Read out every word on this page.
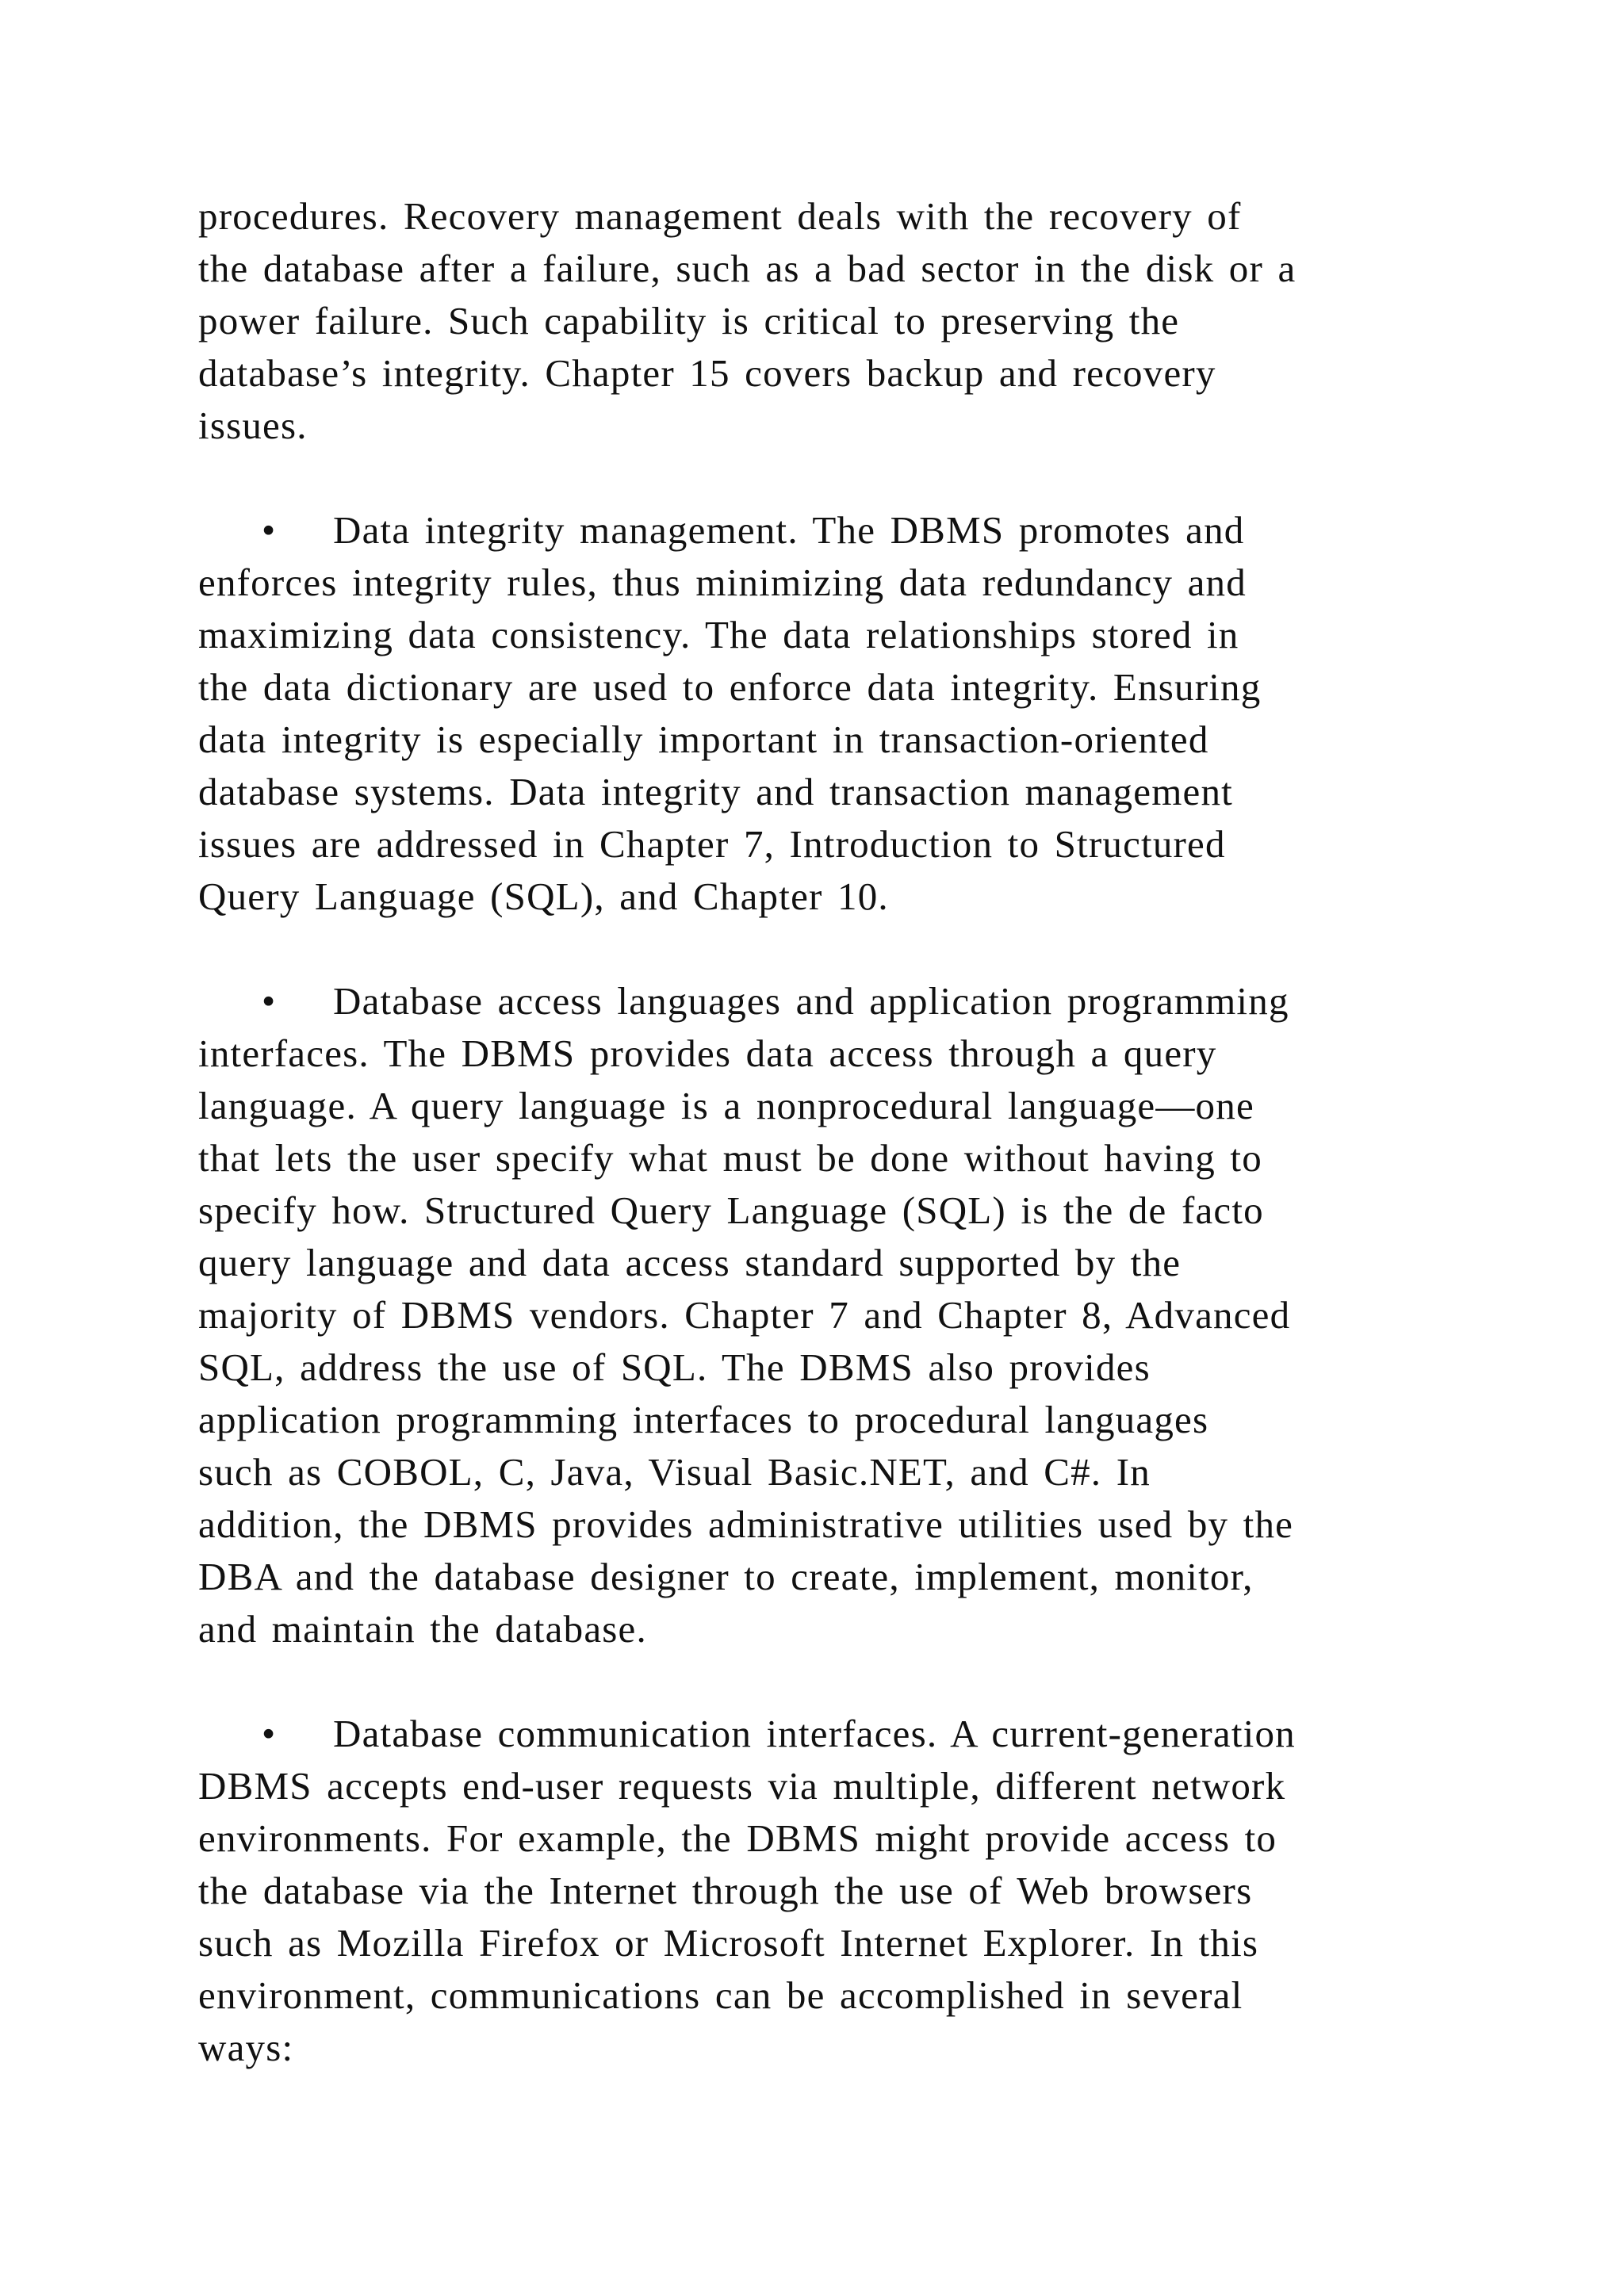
procedures. Recovery management deals with the recovery of
the database after a failure, such as a bad sector in the disk or a
power failure. Such capability is critical to preserving the
database’s integrity. Chapter 15 covers backup and recovery
issues.
• Data integrity management. The DBMS promotes and
enforces integrity rules, thus minimizing data redundancy and
maximizing data consistency. The data relationships stored in
the data dictionary are used to enforce data integrity. Ensuring
data integrity is especially important in transaction-oriented
database systems. Data integrity and transaction management
issues are addressed in Chapter 7, Introduction to Structured
Query Language (SQL), and Chapter 10.
• Database access languages and application programming
interfaces. The DBMS provides data access through a query
language. A query language is a nonprocedural language—one
that lets the user specify what must be done without having to
specify how. Structured Query Language (SQL) is the de facto
query language and data access standard supported by the
majority of DBMS vendors. Chapter 7 and Chapter 8, Advanced
SQL, address the use of SQL. The DBMS also provides
application programming interfaces to procedural languages
such as COBOL, C, Java, Visual Basic.NET, and C#. In
addition, the DBMS provides administrative utilities used by the
DBA and the database designer to create, implement, monitor,
and maintain the database.
• Database communication interfaces. A current-generation
DBMS accepts end-user requests via multiple, different network
environments. For example, the DBMS might provide access to
the database via the Internet through the use of Web browsers
such as Mozilla Firefox or Microsoft Internet Explorer. In this
environment, communications can be accomplished in several
ways:
